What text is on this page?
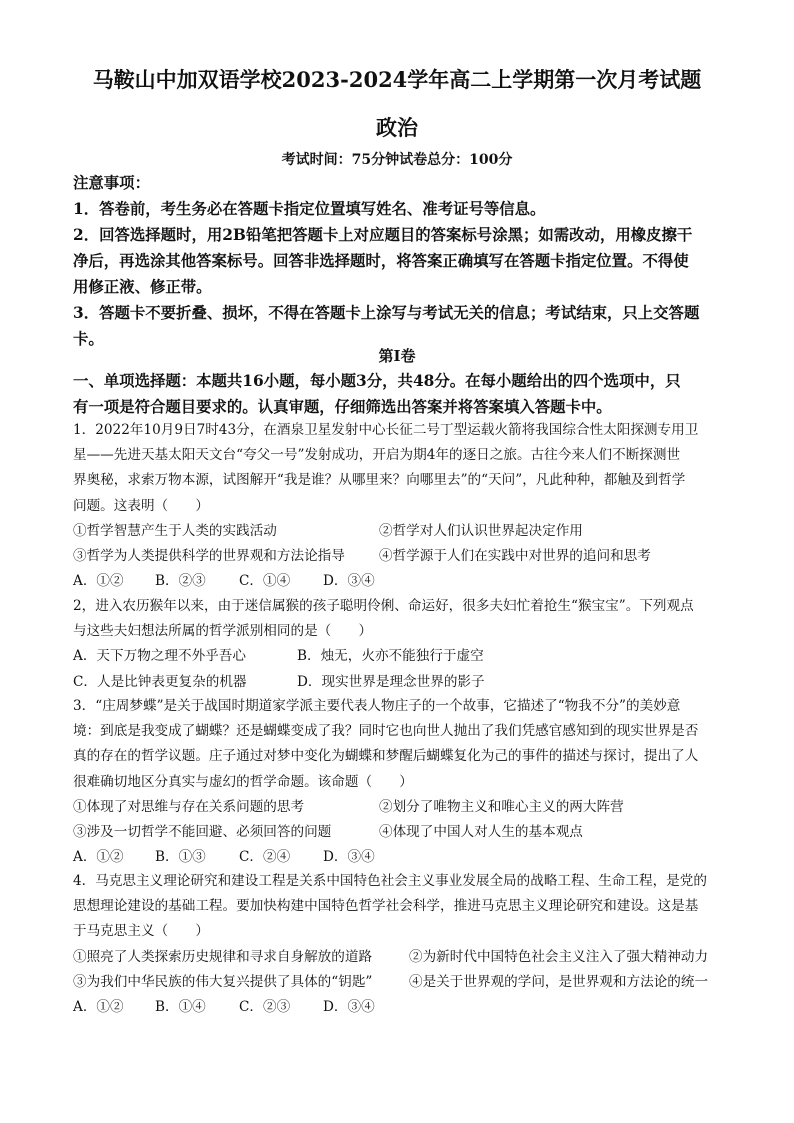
马鞍山中加双语学校2023-2024学年高二上学期第一次月考试题
政治
考试时间：75分钟试卷总分：100分
注意事项：
1．答卷前，考生务必在答题卡指定位置填写姓名、准考证号等信息。
2．回答选择题时，用2B铅笔把答题卡上对应题目的答案标号涂黑；如需改动，用橡皮擦干
净后，再选涂其他答案标号。回答非选择题时，将答案正确填写在答题卡指定位置。不得使
用修正液、修正带。
3．答题卡不要折叠、损坏，不得在答题卡上涂写与考试无关的信息；考试结束，只上交答题
卡。
第Ⅰ卷
一、单项选择题：本题共16小题，每小题3分，共48分。在每小题给出的四个选项中，只
有一项是符合题目要求的。认真审题，仔细筛选出答案并将答案填入答题卡中。
1．2022年10月9日7时43分，在酒泉卫星发射中心长征二号丁型运载火箭将我国综合性太阳探测专用卫
星——先进天基太阳天文台“夸父一号”发射成功，开启为期4年的逐日之旅。古往今来人们不断探测世
界奥秘，求索万物本源，试图解开“我是谁？从哪里来？向哪里去”的“天问”，凡此种种，都触及到哲学
问题。这表明（　　）
①哲学智慧产生于人类的实践活动	②哲学对人们认识世界起决定作用
③哲学为人类提供科学的世界观和方法论指导	④哲学源于人们在实践中对世界的追问和思考
A．①② B．②③ C．①④ D．③④
2，进入农历猴年以来，由于迷信属猴的孩子聪明伶俐、命运好，很多夫妇忙着抢生“猴宝宝”。下列观点
与这些夫妇想法所属的哲学派别相同的是（　　）
A．天下万物之理不外乎吾心	B．烛无，火亦不能独行于虚空
C．人是比钟表更复杂的机器	D．现实世界是理念世界的影子
3．“庄周梦蝶”是关于战国时期道家学派主要代表人物庄子的一个故事，它描述了“物我不分”的美妙意
境：到底是我变成了蝴蝶？还是蝴蝶变成了我？同时它也向世人抛出了我们凭感官感知到的现实世界是否
真的存在的哲学议题。庄子通过对梦中变化为蝴蝶和梦醒后蝴蝶复化为己的事件的描述与探讨，提出了人
很难确切地区分真实与虚幻的哲学命题。该命题（　　）
①体现了对思维与存在关系问题的思考	②划分了唯物主义和唯心主义的两大阵营
③涉及一切哲学不能回避、必须回答的问题	④体现了中国人对人生的基本观点
A．①② B．①③ C．②④ D．③④
4．马克思主义理论研究和建设工程是关系中国特色社会主义事业发展全局的战略工程、生命工程，是党的
思想理论建设的基础工程。要加快构建中国特色哲学社会科学，推进马克思主义理论研究和建设。这是基
于马克思主义（　　）
①照亮了人类探索历史规律和寻求自身解放的道路	②为新时代中国特色社会主义注入了强大精神动力
③为我们中华民族的伟大复兴提供了具体的“钥匙”	④是关于世界观的学问，是世界观和方法论的统一
A．①② B．①④ C．②③ D．③④
